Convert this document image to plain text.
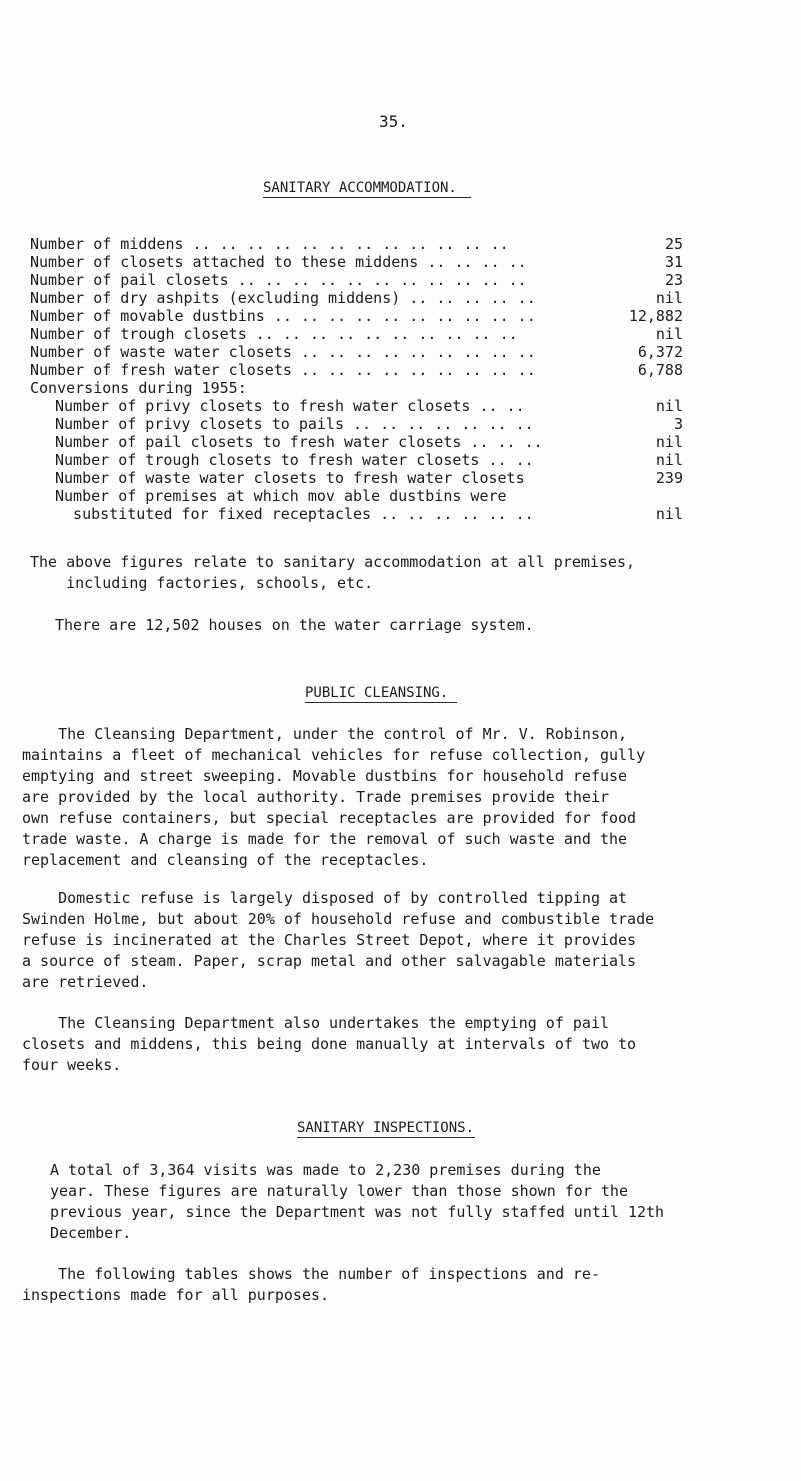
35.
SANITARY ACCOMMODATION.
Number of middens .. .. .. .. .. .. .. .. .. .. .. ..	25
Number of closets attached to these middens .. .. .. ..	31
Number of pail closets .. .. .. .. .. .. .. .. .. .. ..	23
Number of dry ashpits (excluding middens) .. .. .. .. ..	nil
Number of movable dustbins .. .. .. .. .. .. .. .. .. ..	12,882
Number of trough closets .. .. .. .. .. .. .. .. .. ..	nil
Number of waste water closets .. .. .. .. .. .. .. .. ..	6,372
Number of fresh water closets .. .. .. .. .. .. .. .. ..	6,788
Conversions during 1955:
Number of privy closets to fresh water closets .. ..	nil
Number of privy closets to pails .. .. .. .. .. .. ..	3
Number of pail closets to fresh water closets .. .. ..	nil
Number of trough closets to fresh water closets .. ..	nil
Number of waste water closets to fresh water closets	239
Number of premises at which mov able dustbins were
substituted for fixed receptacles .. .. .. .. .. ..	nil
The above figures relate to sanitary accommodation at all premises,
including factories, schools, etc.
There are 12,502 houses on the water carriage system.
PUBLIC CLEANSING.
The Cleansing Department, under the control of Mr. V. Robinson,
maintains a fleet of mechanical vehicles for refuse collection, gully
emptying and street sweeping. Movable dustbins for household refuse
are provided by the local authority. Trade premises provide their
own refuse containers, but special receptacles are provided for food
trade waste. A charge is made for the removal of such waste and the
replacement and cleansing of the receptacles.
Domestic refuse is largely disposed of by controlled tipping at
Swinden Holme, but about 20% of household refuse and combustible trade
refuse is incinerated at the Charles Street Depot, where it provides
a source of steam. Paper, scrap metal and other salvagable materials
are retrieved.
The Cleansing Department also undertakes the emptying of pail
closets and middens, this being done manually at intervals of two to
four weeks.
SANITARY INSPECTIONS.
A total of 3,364 visits was made to 2,230 premises during the
year. These figures are naturally lower than those shown for the
previous year, since the Department was not fully staffed until 12th
December.
The following tables shows the number of inspections and re-
inspections made for all purposes.
